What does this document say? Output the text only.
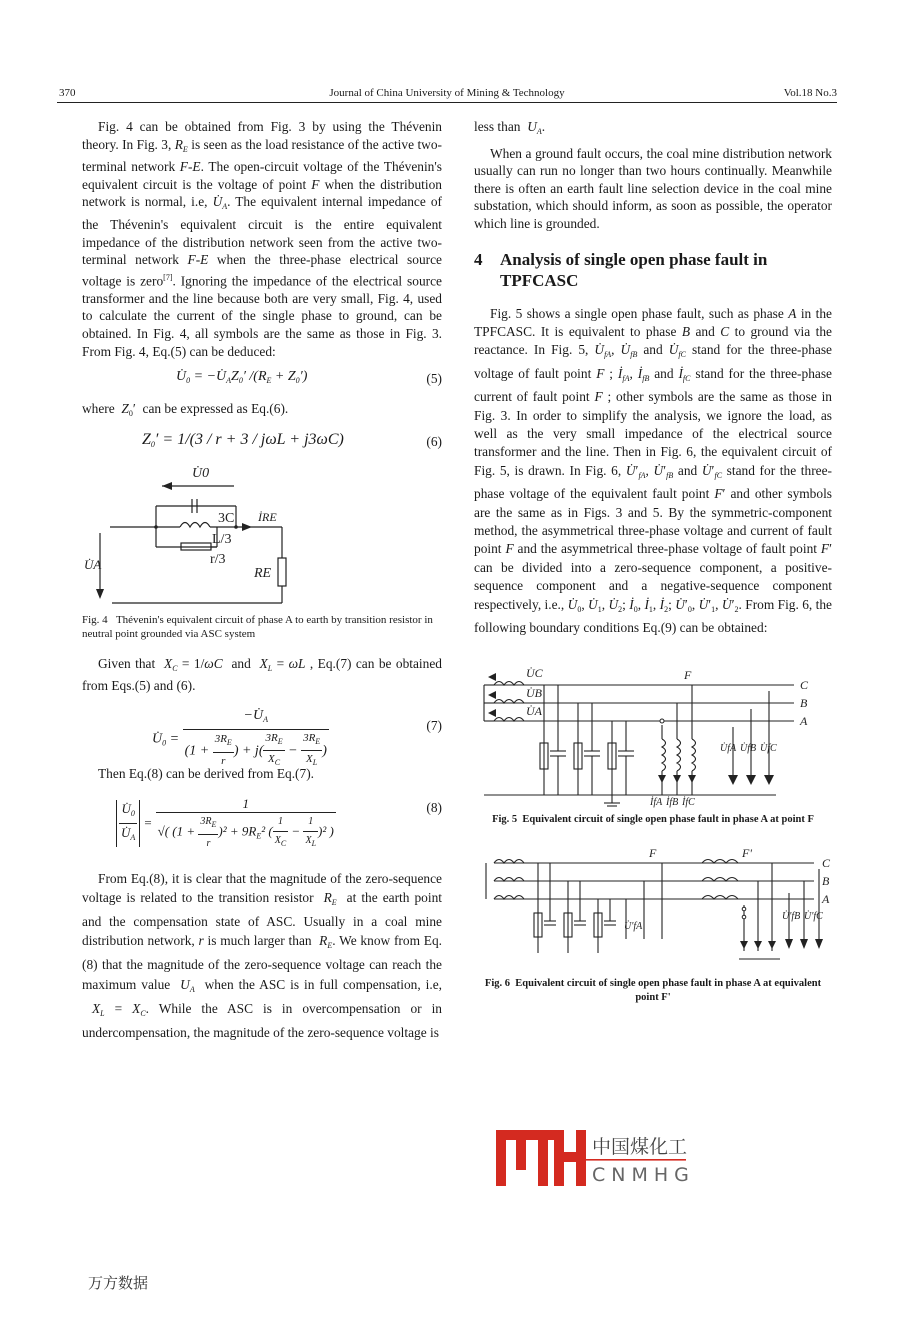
370	Journal of China University of Mining & Technology	Vol.18 No.3

Fig. 4 can be obtained from Fig. 3 by using the Thévenin theory. In Fig. 3, $R_E$ is seen as the load resistance of the active two-terminal network F-E. The open-circuit voltage of the Thévenin's equivalent circuit is the voltage of point F when the distribution network is normal, i.e, $U̇_A$. The equivalent internal impedance of the Thévenin's equivalent circuit is the entire equivalent impedance of the distribution network seen from the active two-terminal network F-E when the three-phase electrical source voltage is zero[7]. Ignoring the impedance of the electrical source transformer and the line because both are very small, Fig. 4, used to calculate the current of the single phase to ground, can be obtained. In Fig. 4, all symbols are the same as those in Fig. 3. From Fig. 4, Eq.(5) can be deduced:

$U̇_0$ = $-U̇_AZ_0'$ $/(R_E + Z_0')$	(5)

where  $Z_0'$  can be expressed as Eq.(6).

$Z_0' = 1/(3 / r + 3 / j\omega L + j3\omega C)$	(6)
U̇0
3C
L/3
r/3
İRE
U̇A
RE

Fig. 4 Thévenin's equivalent circuit of phase A to earth by transition resistor in neutral point grounded via ASC system

Given that  $X_C = 1/\omega C$  and  $X_L = \omega L$ , Eq.(7) can be obtained from Eqs.(5) and (6).

$U̇_0 = \frac{-U̇_A}{(1 + \frac{3R_E}{r} ) + j( \frac{3R_E}{X_C} - \frac{3R_E}{X_L} )}$	(7)

Then Eq.(8) can be derived from Eq.(7).

$\frac{U̇_0}{U̇_A} = \frac{1}{√( (1 + \frac{3R_E}{r} )^2 + 9R_E^2 ( \frac{1}{X_C} - \frac{1}{X_L} )^2 )}$	(8)

From Eq.(8), it is clear that the magnitude of the zero-sequence voltage is related to the transition resistor  $R_E$  at the earth point and the compensation state of ASC. Usually in a coal mine distribution network, r is much larger than  $R_E$. We know from Eq.(8) that the magnitude of the zero-sequence voltage can reach the maximum value  $U_A$  when the ASC is in full compensation, i.e,  $X_L = X_C$. While the ASC is in overcompensation or in undercompensation, the magnitude of the zero-sequence voltage is

less than  $U_A$.

When a ground fault occurs, the coal mine distribution network usually can run no longer than two hours continually. Meanwhile there is often an earth fault line selection device in the coal mine substation, which should inform, as soon as possible, the operator which line is grounded.

4	Analysis of single open phase fault in TPFCASC

Fig. 5 shows a single open phase fault, such as phase A in the TPFCASC. It is equivalent to phase B and C to ground via the reactance. In Fig. 5, $U̇_{fA}$, $U̇_{fB}$ and $U̇_{fC}$ stand for the three-phase voltage of fault point F ; $İ_{fA}$, $İ_{fB}$ and $İ_{fC}$ stand for the three-phase current of fault point F ; other symbols are the same as those in Fig. 3. In order to simplify the analysis, we ignore the load, as well as the very small impedance of the electrical source transformer and the line. Then in Fig. 6, the equivalent circuit of Fig. 5, is drawn. In Fig. 6, $U̇'_{fA}$, $U̇'_{fB}$ and $U̇'_{fC}$ stand for the three-phase voltage of the equivalent fault point F′ and other symbols are the same as in Figs. 3 and 5. By the symmetric-component method, the asymmetrical three-phase voltage and current of fault point F and the asymmetrical three-phase voltage of fault point F′ can be divided into a zero-sequence component, a positive-sequence component and a negative-sequence component respectively, i.e., $U̇_0$, $U̇_1$, $U̇_2$; $İ_0$, $İ_1$, $İ_2$; $U̇'_0$, $U̇'_1$, $U̇'_2$. From Fig. 6, the following boundary conditions Eq.(9) can be obtained:

U̇C
U̇B
U̇A
F
C
B
A
İfA İfB İfC
U̇fA U̇fB U̇fC

Fig. 5 Equivalent circuit of single open phase fault in phase A at point F

F	F'
U̇'fA
U̇'fB U̇'fC
C
B
A

Fig. 6 Equivalent circuit of single open phase fault in phase A at equivalent point F'

中国煤化工
CNMHG
万方数据
